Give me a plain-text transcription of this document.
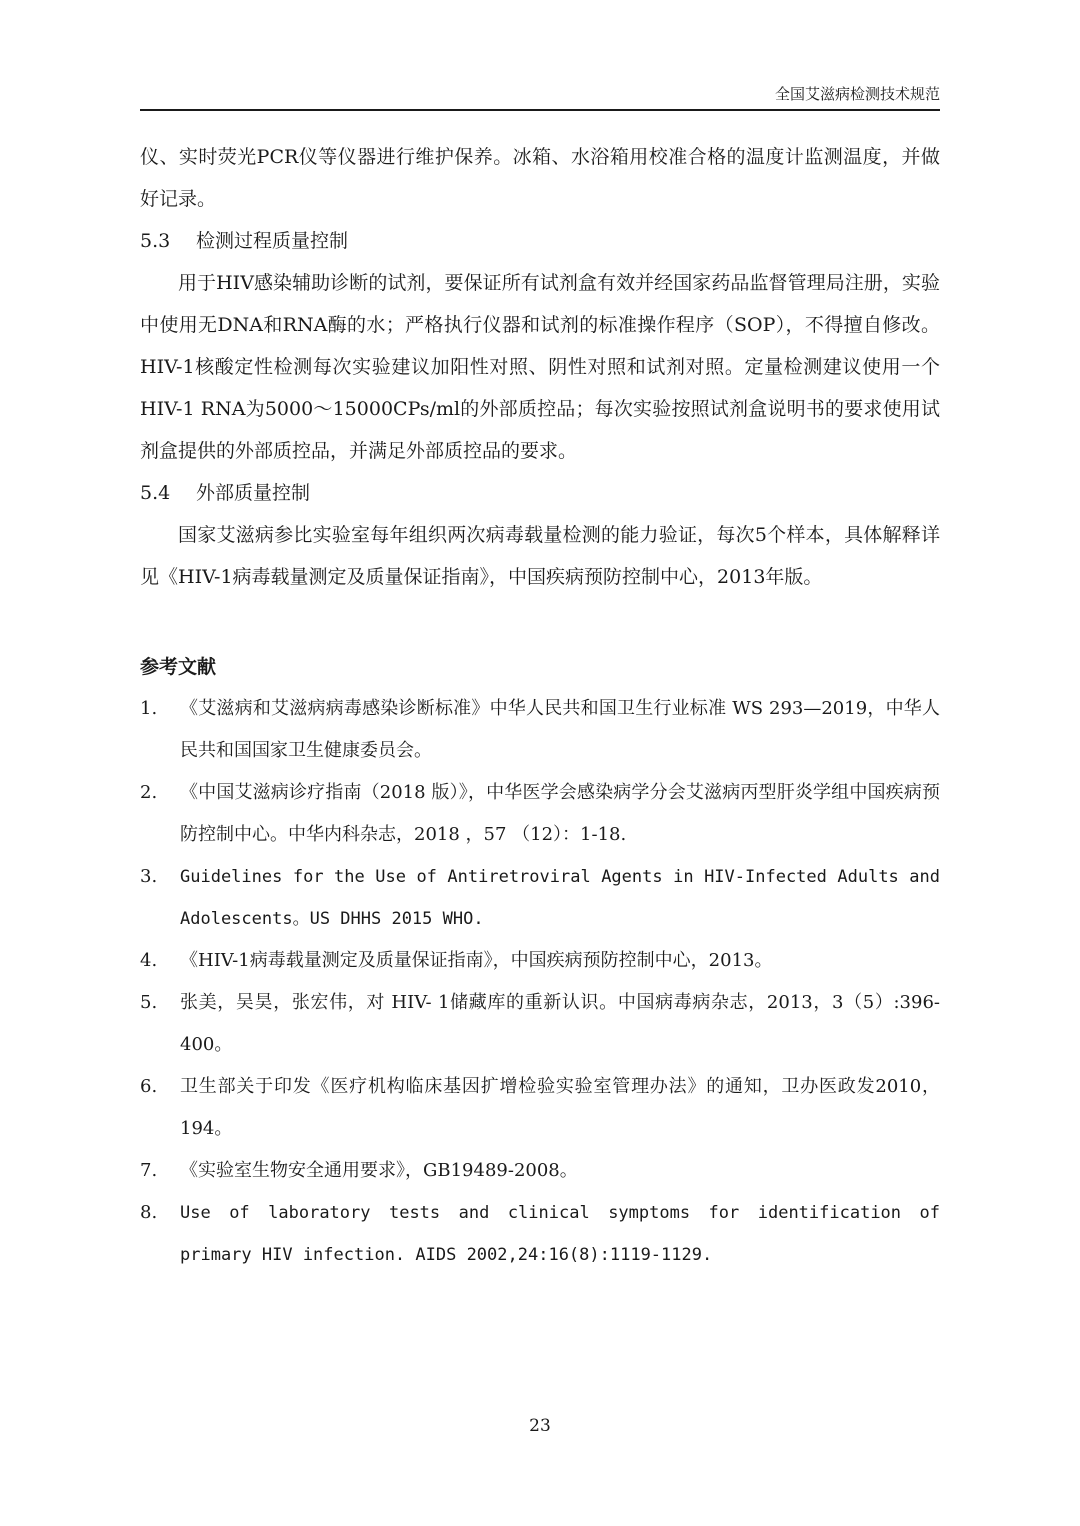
全国艾滋病检测技术规范

仪、实时荧光PCR仪等仪器进行维护保养。冰箱、水浴箱用校准合格的温度计监测温度，并做好记录。

5.3 检测过程质量控制

用于HIV感染辅助诊断的试剂，要保证所有试剂盒有效并经国家药品监督管理局注册，实验中使用无DNA和RNA酶的水；严格执行仪器和试剂的标准操作程序（SOP），不得擅自修改。HIV-1核酸定性检测每次实验建议加阳性对照、阴性对照和试剂对照。定量检测建议使用一个HIV-1 RNA为5000～15000CPs/ml的外部质控品；每次实验按照试剂盒说明书的要求使用试剂盒提供的外部质控品，并满足外部质控品的要求。

5.4 外部质量控制

国家艾滋病参比实验室每年组织两次病毒载量检测的能力验证，每次5个样本，具体解释详见《HIV-1病毒载量测定及质量保证指南》，中国疾病预防控制中心，2013年版。

参考文献

1.	《艾滋病和艾滋病病毒感染诊断标准》中华人民共和国卫生行业标准 WS 293—2019，中华人民共和国国家卫生健康委员会。
2.	《中国艾滋病诊疗指南（2018 版）》，中华医学会感染病学分会艾滋病丙型肝炎学组中国疾病预防控制中心。中华内科杂志，2018 ，57 （12）：1-18.
3.	Guidelines for the Use of Antiretroviral Agents in HIV-Infected Adults and Adolescents。US DHHS 2015 WHO.
4.	《HIV-1病毒载量测定及质量保证指南》，中国疾病预防控制中心，2013。
5.	张美，吴昊，张宏伟，对 HIV- 1储藏库的重新认识。中国病毒病杂志，2013，3（5）:396-400。
6.	卫生部关于印发《医疗机构临床基因扩增检验实验室管理办法》的通知，卫办医政发2010，194。
7.	《实验室生物安全通用要求》，GB19489-2008。
8.	Use of laboratory tests and clinical symptoms for identification of primary HIV infection. AIDS 2002,24:16(8):1119-1129.
23
